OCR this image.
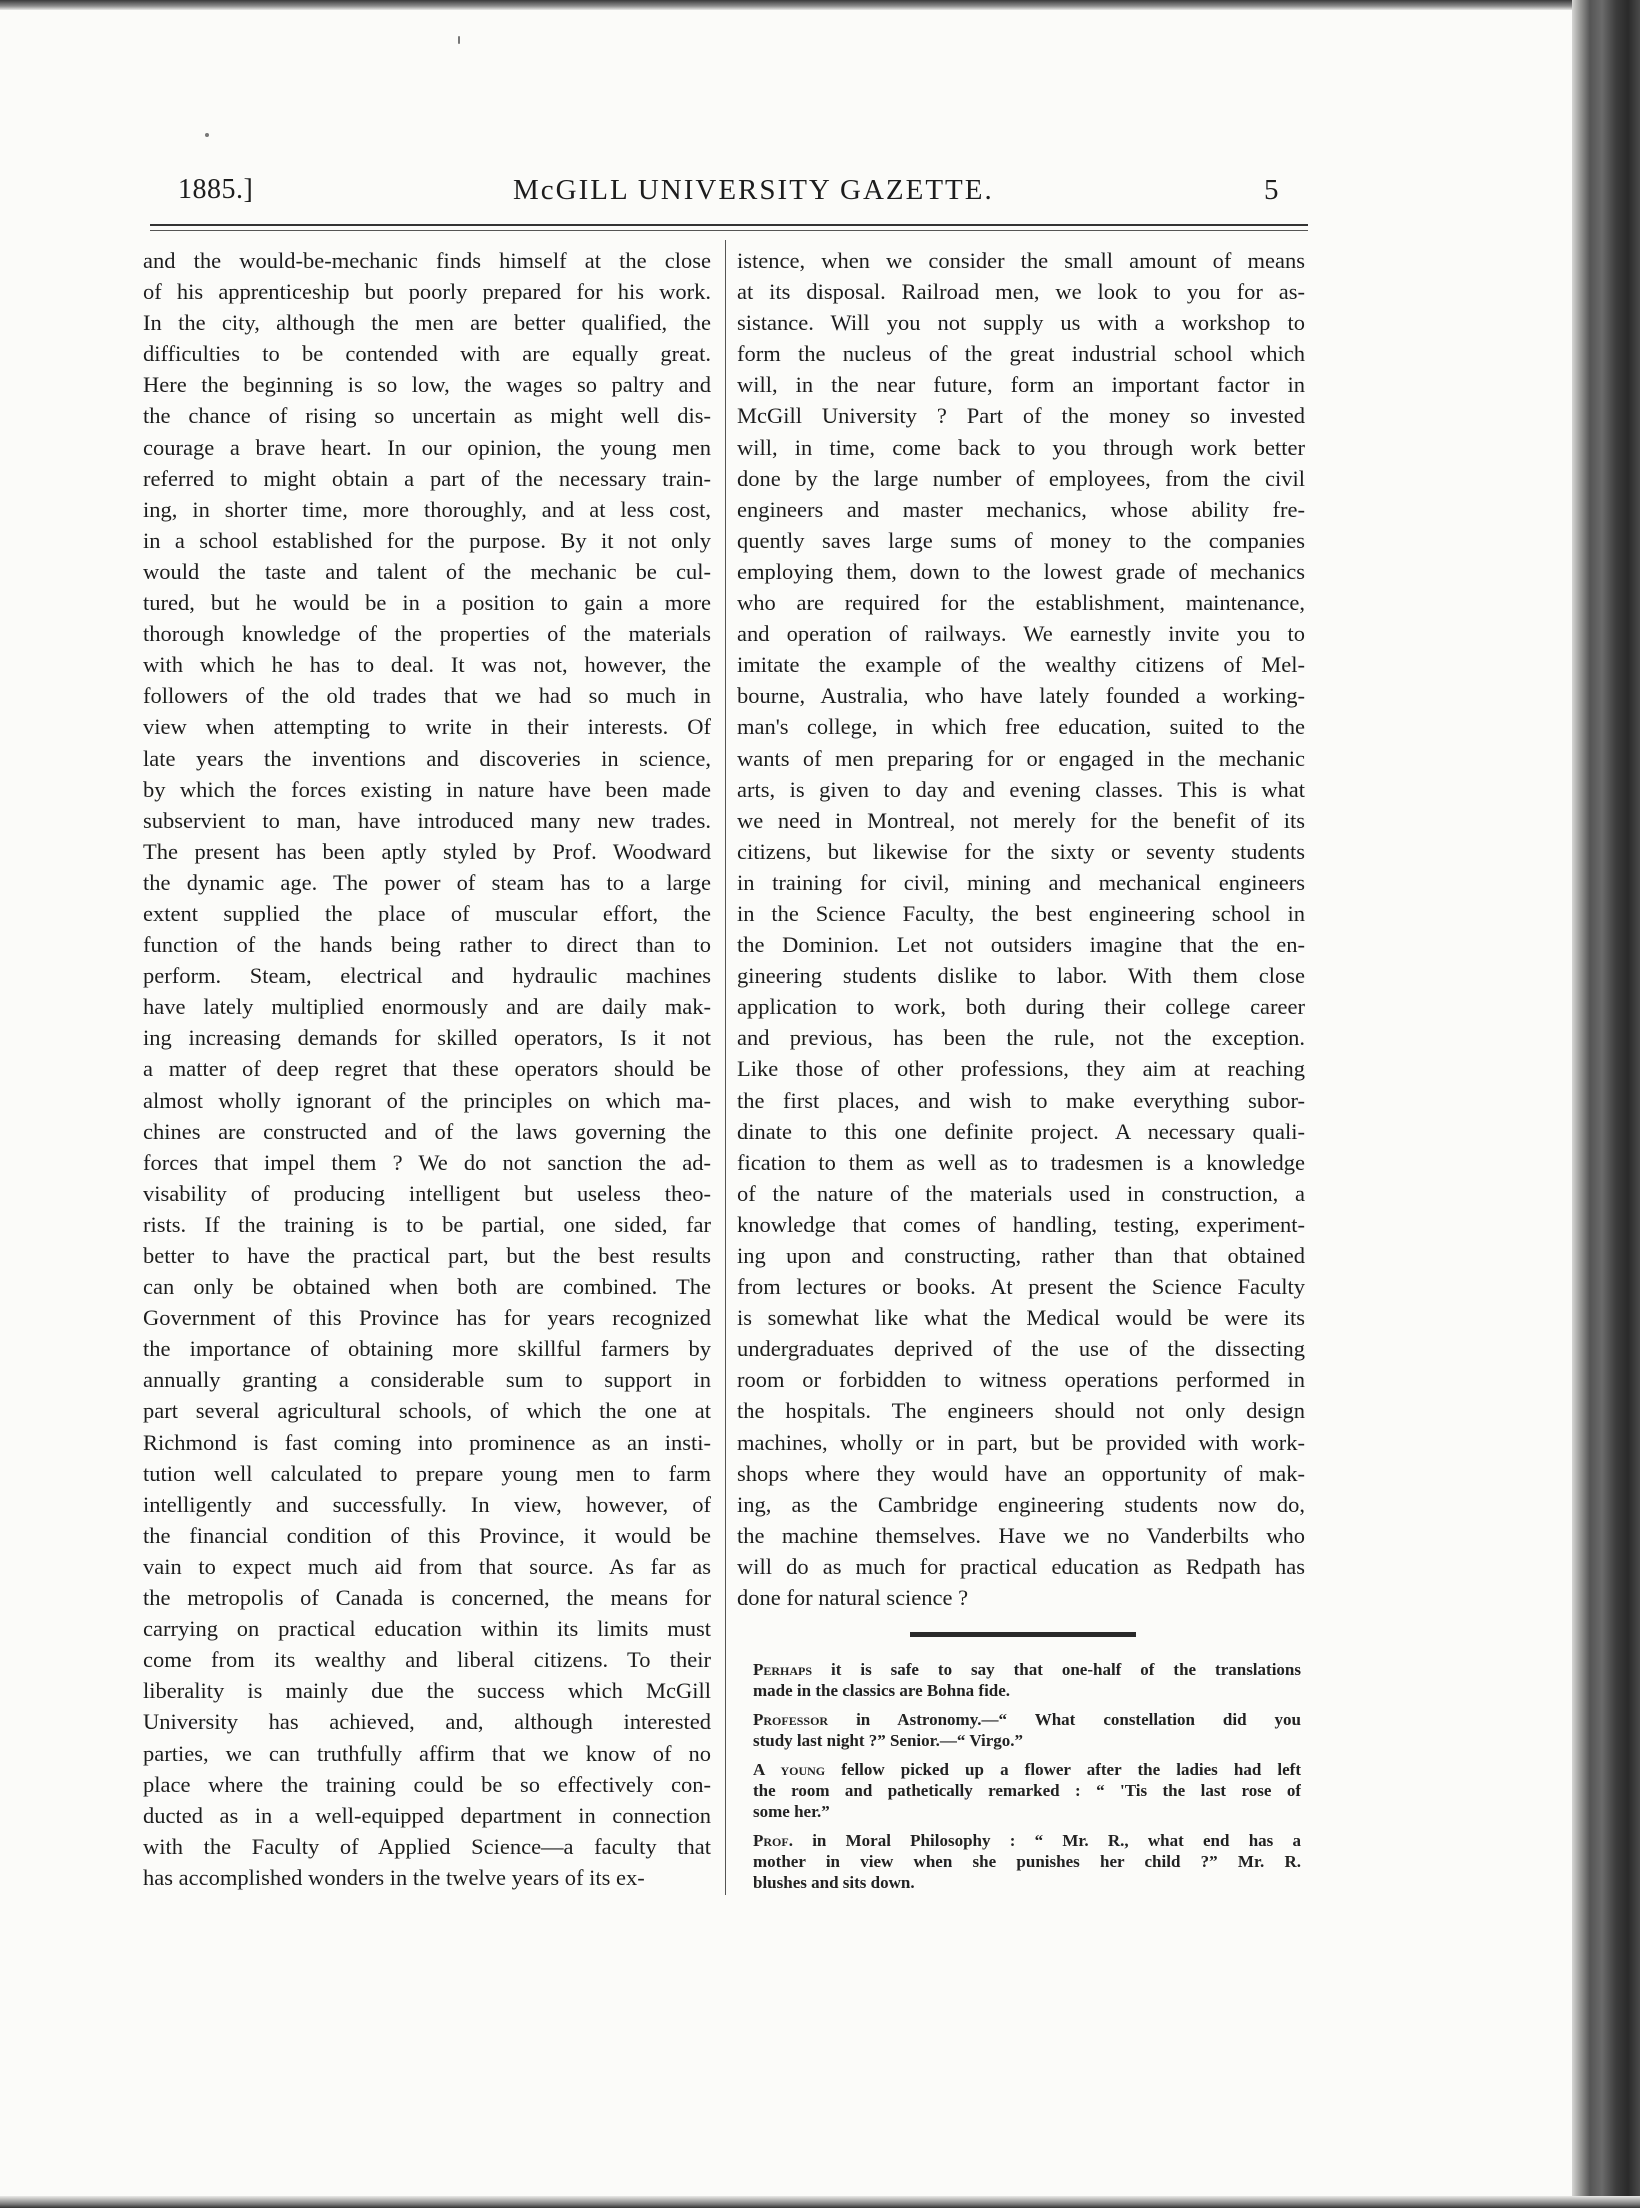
1885.]	McGILL UNIVERSITY GAZETTE.	5
and the would-be-mechanic finds himself at the close
of his apprenticeship but poorly prepared for his work.
In the city, although the men are better qualified, the
difficulties to be contended with are equally great.
Here the beginning is so low, the wages so paltry and
the chance of rising so uncertain as might well dis-
courage a brave heart. In our opinion, the young men
referred to might obtain a part of the necessary train-
ing, in shorter time, more thoroughly, and at less cost,
in a school established for the purpose. By it not only
would the taste and talent of the mechanic be cul-
tured, but he would be in a position to gain a more
thorough knowledge of the properties of the materials
with which he has to deal. It was not, however, the
followers of the old trades that we had so much in
view when attempting to write in their interests. Of
late years the inventions and discoveries in science,
by which the forces existing in nature have been made
subservient to man, have introduced many new trades.
The present has been aptly styled by Prof. Woodward
the dynamic age. The power of steam has to a large
extent supplied the place of muscular effort, the
function of the hands being rather to direct than to
perform. Steam, electrical and hydraulic machines
have lately multiplied enormously and are daily mak-
ing increasing demands for skilled operators, Is it not
a matter of deep regret that these operators should be
almost wholly ignorant of the principles on which ma-
chines are constructed and of the laws governing the
forces that impel them ? We do not sanction the ad-
visability of producing intelligent but useless theo-
rists. If the training is to be partial, one sided, far
better to have the practical part, but the best results
can only be obtained when both are combined. The
Government of this Province has for years recognized
the importance of obtaining more skillful farmers by
annually granting a considerable sum to support in
part several agricultural schools, of which the one at
Richmond is fast coming into prominence as an insti-
tution well calculated to prepare young men to farm
intelligently and successfully. In view, however, of
the financial condition of this Province, it would be
vain to expect much aid from that source. As far as
the metropolis of Canada is concerned, the means for
carrying on practical education within its limits must
come from its wealthy and liberal citizens. To their
liberality is mainly due the success which McGill
University has achieved, and, although interested
parties, we can truthfully affirm that we know of no
place where the training could be so effectively con-
ducted as in a well-equipped department in connection
with the Faculty of Applied Science—a faculty that
has accomplished wonders in the twelve years of its ex-
istence, when we consider the small amount of means
at its disposal. Railroad men, we look to you for as-
sistance. Will you not supply us with a workshop to
form the nucleus of the great industrial school which
will, in the near future, form an important factor in
McGill University ? Part of the money so invested
will, in time, come back to you through work better
done by the large number of employees, from the civil
engineers and master mechanics, whose ability fre-
quently saves large sums of money to the companies
employing them, down to the lowest grade of mechanics
who are required for the establishment, maintenance,
and operation of railways. We earnestly invite you to
imitate the example of the wealthy citizens of Mel-
bourne, Australia, who have lately founded a working-
man's college, in which free education, suited to the
wants of men preparing for or engaged in the mechanic
arts, is given to day and evening classes. This is what
we need in Montreal, not merely for the benefit of its
citizens, but likewise for the sixty or seventy students
in training for civil, mining and mechanical engineers
in the Science Faculty, the best engineering school in
the Dominion. Let not outsiders imagine that the en-
gineering students dislike to labor. With them close
application to work, both during their college career
and previous, has been the rule, not the exception.
Like those of other professions, they aim at reaching
the first places, and wish to make everything subor-
dinate to this one definite project. A necessary quali-
fication to them as well as to tradesmen is a knowledge
of the nature of the materials used in construction, a
knowledge that comes of handling, testing, experiment-
ing upon and constructing, rather than that obtained
from lectures or books. At present the Science Faculty
is somewhat like what the Medical would be were its
undergraduates deprived of the use of the dissecting
room or forbidden to witness operations performed in
the hospitals. The engineers should not only design
machines, wholly or in part, but be provided with work-
shops where they would have an opportunity of mak-
ing, as the Cambridge engineering students now do,
the machine themselves. Have we no Vanderbilts who
will do as much for practical education as Redpath has
done for natural science ?
Perhaps it is safe to say that one-half of the translations
made in the classics are Bohna fide.
Professor in Astronomy.—“ What constellation did you
study last night ?” Senior.—“ Virgo.”
A young fellow picked up a flower after the ladies had left
the room and pathetically remarked : “ 'Tis the last rose of
some her.”
Prof. in Moral Philosophy : “ Mr. R., what end has a
mother in view when she punishes her child ?” Mr. R.
blushes and sits down.
